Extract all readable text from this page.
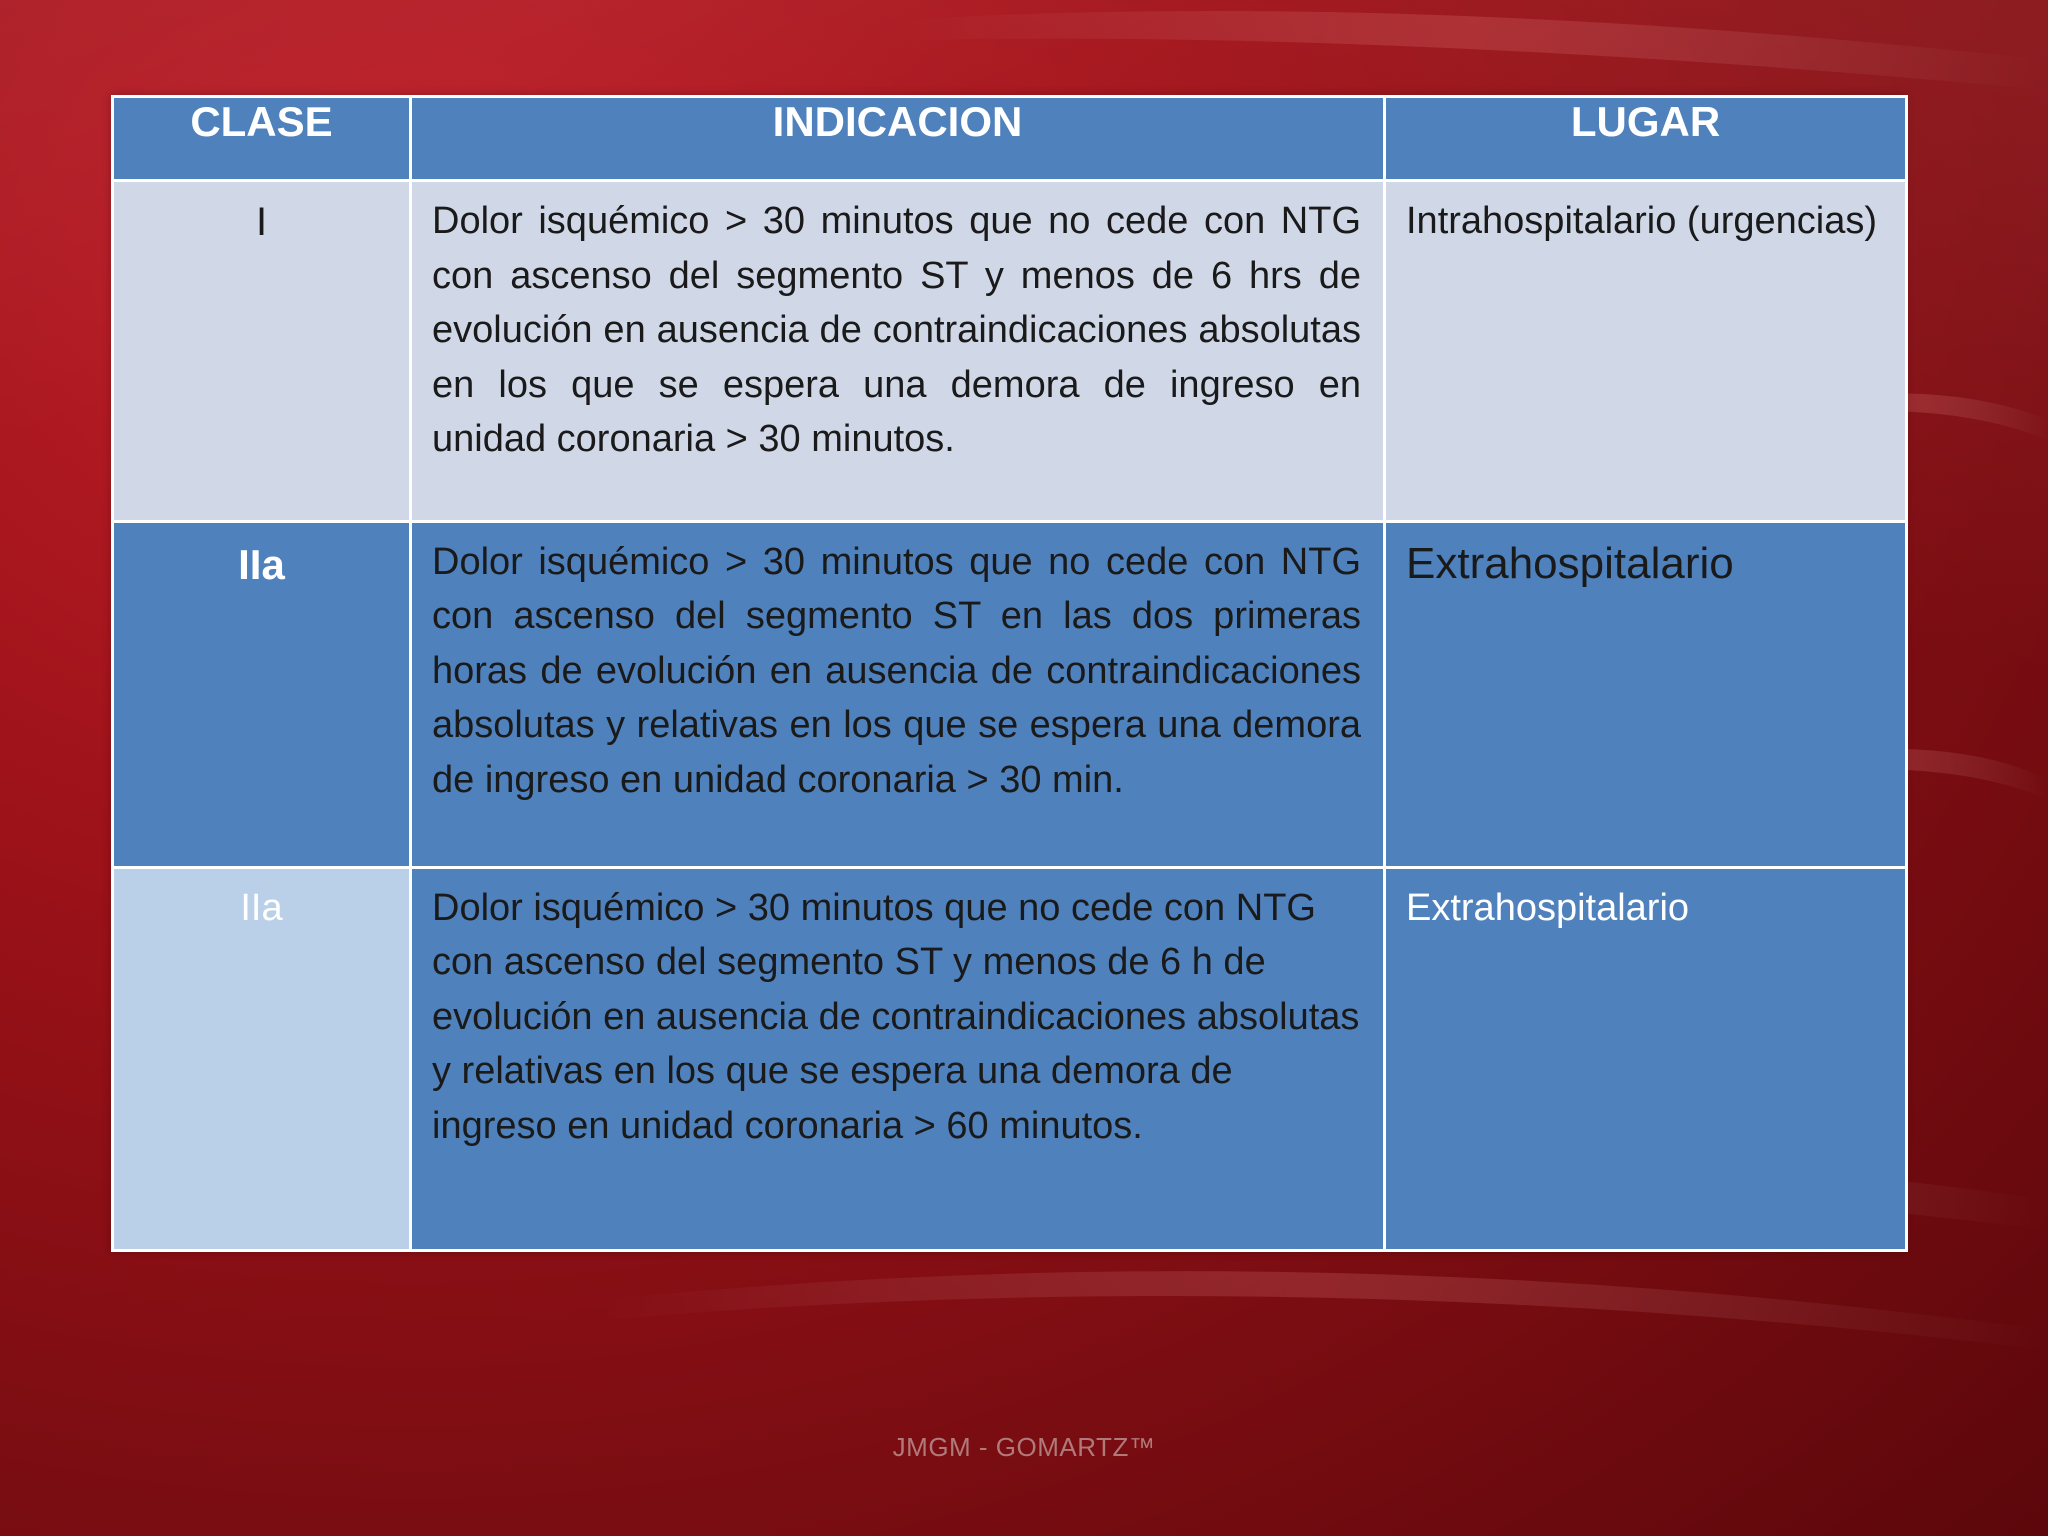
CLASE	INDICACION	LUGAR

I	Dolor isquémico > 30 minutos que no cede con NTG con ascenso del segmento ST y menos de 6 hrs de evolución en ausencia de contraindicaciones absolutas en los que se espera una demora de ingreso en unidad coronaria > 30 minutos.	Intrahospitalario (urgencias)

IIa	Dolor isquémico > 30 minutos que no cede con NTG con ascenso del segmento ST en las dos primeras horas de evolución en ausencia de contraindicaciones absolutas y relativas en los que se espera una demora de ingreso en unidad coronaria > 30 min.	Extrahospitalario

IIa	Dolor isquémico > 30 minutos que no cede con NTG con ascenso del segmento ST y menos de 6 h de evolución en ausencia de contraindicaciones absolutas y relativas en los que se espera una demora de ingreso en unidad coronaria > 60 minutos.	Extrahospitalario
JMGM - GOMARTZ™
